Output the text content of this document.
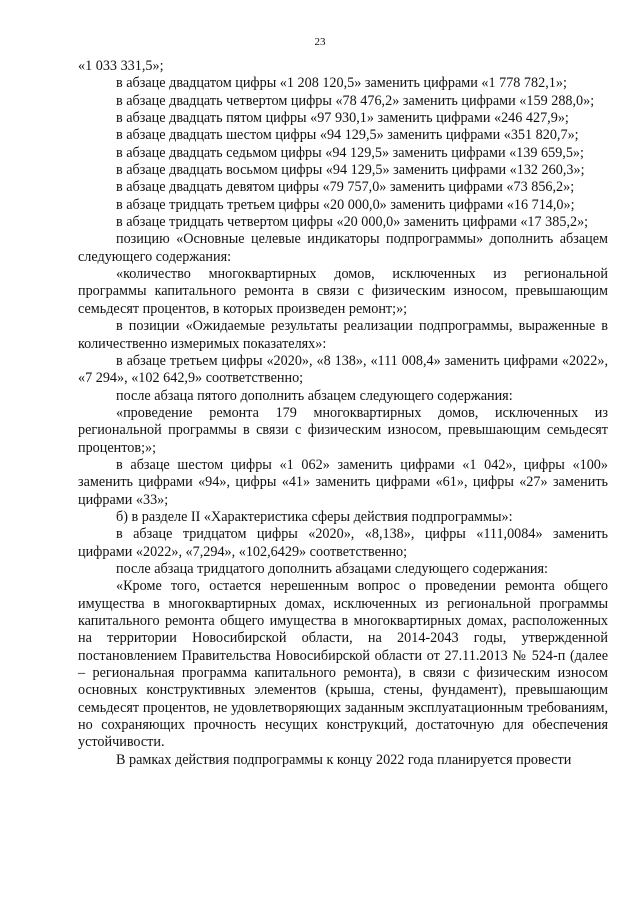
23

«1 033 331,5»;

в абзаце двадцатом цифры «1 208 120,5» заменить цифрами «1 778 782,1»;

в абзаце двадцать четвертом цифры «78 476,2» заменить цифрами «159 288,0»;

в абзаце двадцать пятом цифры «97 930,1» заменить цифрами «246 427,9»;

в абзаце двадцать шестом цифры «94 129,5» заменить цифрами «351 820,7»;

в абзаце двадцать седьмом цифры «94 129,5» заменить цифрами «139 659,5»;

в абзаце двадцать восьмом цифры «94 129,5» заменить цифрами «132 260,3»;

в абзаце двадцать девятом цифры «79 757,0» заменить цифрами «73 856,2»;

в абзаце тридцать третьем цифры «20 000,0» заменить цифрами «16 714,0»;

в абзаце тридцать четвертом цифры «20 000,0» заменить цифрами «17 385,2»;

позицию «Основные целевые индикаторы подпрограммы» дополнить абзацем следующего содержания:

«количество многоквартирных домов, исключенных из региональной программы капитального ремонта в связи с физическим износом, превышающим семьдесят процентов, в которых произведен ремонт;»;

в позиции «Ожидаемые результаты реализации подпрограммы, выраженные в количественно измеримых показателях»:

в абзаце третьем цифры «2020», «8 138», «111 008,4» заменить цифрами «2022», «7 294», «102 642,9» соответственно;

после абзаца пятого дополнить абзацем следующего содержания:

«проведение ремонта 179 многоквартирных домов, исключенных из региональной программы в связи с физическим износом, превышающим семьдесят процентов;»;

в абзаце шестом цифры «1 062» заменить цифрами «1 042», цифры «100» заменить цифрами «94», цифры «41» заменить цифрами «61», цифры «27» заменить цифрами «33»;

б) в разделе II «Характеристика сферы действия подпрограммы»:

в абзаце тридцатом цифры «2020», «8,138», цифры «111,0084» заменить цифрами «2022», «7,294», «102,6429» соответственно;

после абзаца тридцатого дополнить абзацами следующего содержания:

«Кроме того, остается нерешенным вопрос о проведении ремонта общего имущества в многоквартирных домах, исключенных из региональной программы капитального ремонта общего имущества в многоквартирных домах, расположенных на территории Новосибирской области, на 2014-2043 годы, утвержденной постановлением Правительства Новосибирской области от 27.11.2013 № 524-п (далее – региональная программа капитального ремонта), в связи с физическим износом основных конструктивных элементов (крыша, стены, фундамент), превышающим семьдесят процентов, не удовлетворяющих заданным эксплуатационным требованиям, но сохраняющих прочность несущих конструкций, достаточную для обеспечения устойчивости.

В рамках действия подпрограммы к концу 2022 года планируется провести
